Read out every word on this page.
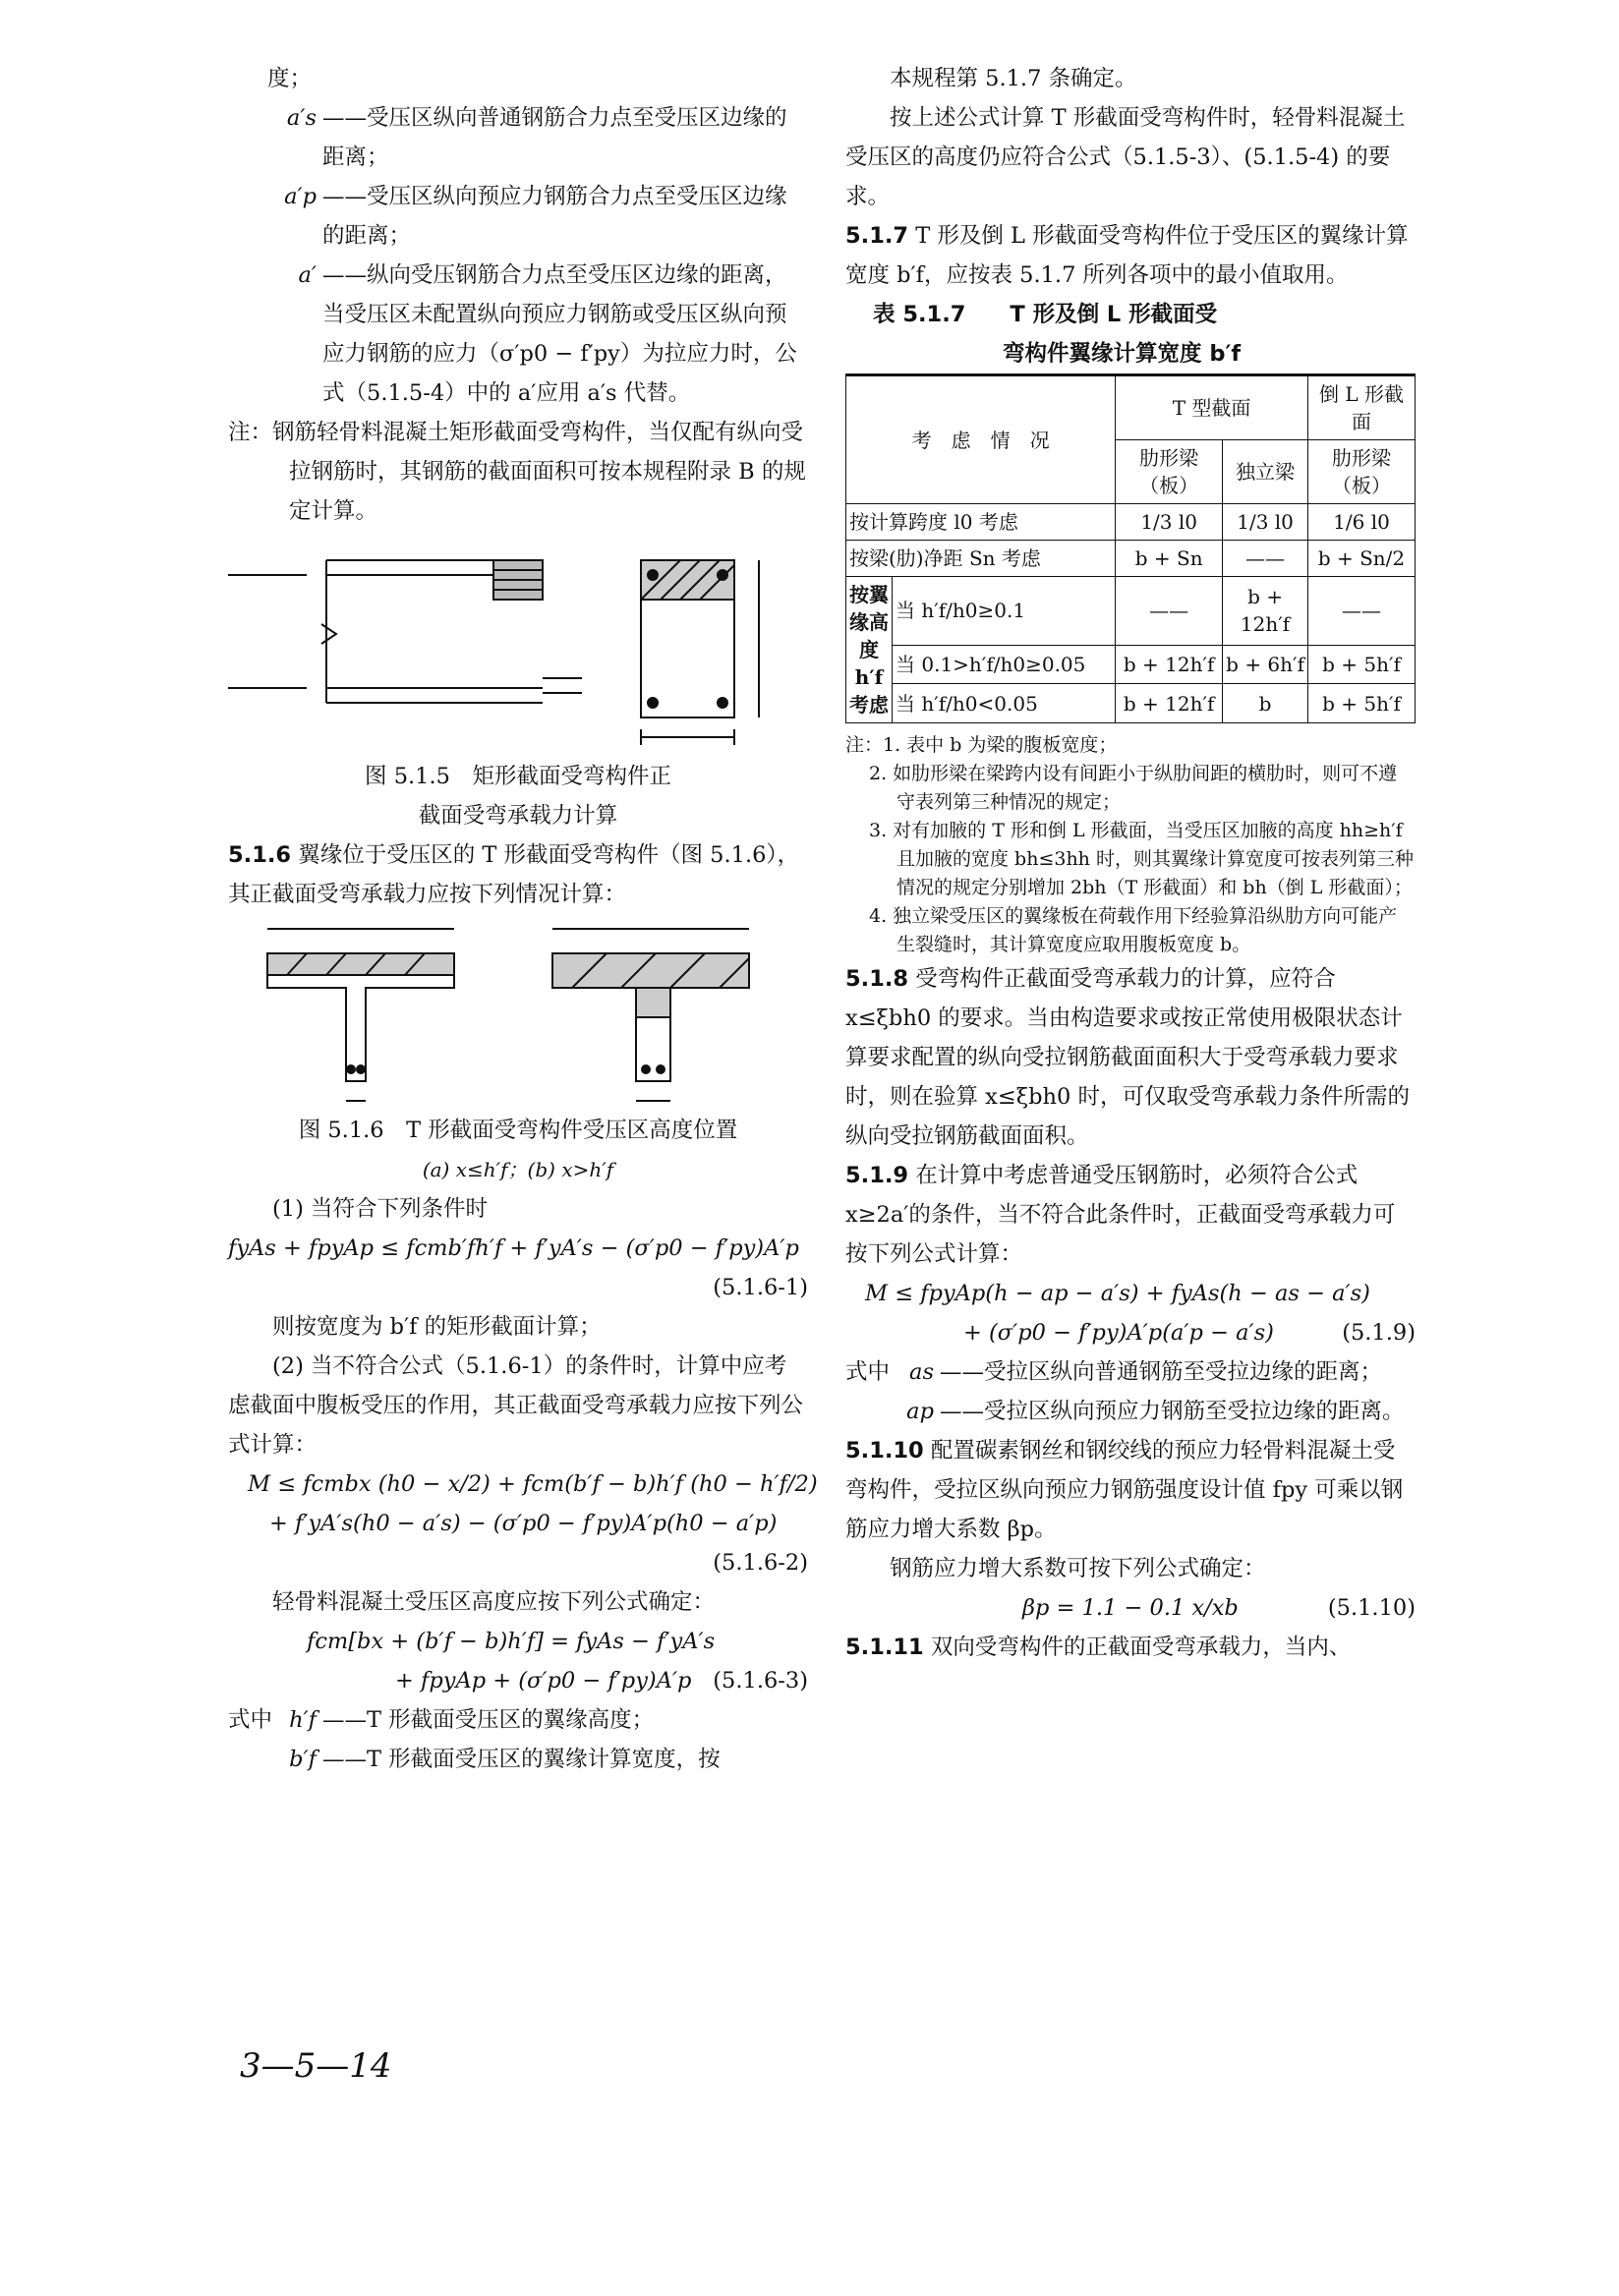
度；

a′s ——受压区纵向普通钢筋合力点至受压区边缘的距离；
a′p ——受压区纵向预应力钢筋合力点至受压区边缘的距离；
a′ ——纵向受压钢筋合力点至受压区边缘的距离，当受压区未配置纵向预应力钢筋或受压区纵向预应力钢筋的应力（σ′p0 − f′py）为拉应力时，公式（5.1.5-4）中的 a′应用 a′s 代替。

注：钢筋轻骨料混凝土矩形截面受弯构件，当仅配有纵向受拉钢筋时，其钢筋的截面面积可按本规程附录 B 的规定计算。

图 5.1.5　矩形截面受弯构件正

截面受弯承载力计算

5.1.6 翼缘位于受压区的 T 形截面受弯构件（图 5.1.6），其正截面受弯承载力应按下列情况计算：

图 5.1.6　T 形截面受弯构件受压区高度位置

(a) x≤h′f；(b) x>h′f

(1) 当符合下列条件时

fyAs + fpyAp ≤ fcmb′fh′f + f′yA′s − (σ′p0 − f′py)A′p

(5.1.6-1)

则按宽度为 b′f 的矩形截面计算；

(2) 当不符合公式（5.1.6-1）的条件时，计算中应考虑截面中腹板受压的作用，其正截面受弯承载力应按下列公式计算：

M ≤ fcmbx (h0 − x/2) + fcm(b′f − b)h′f (h0 − h′f/2)

+ f′yA′s(h0 − a′s) − (σ′p0 − f′py)A′p(h0 − a′p)

(5.1.6-2)

轻骨料混凝土受压区高度应按下列公式确定：

fcm[bx + (b′f − b)h′f] = fyAs − f′yA′s

+ fpyAp + (σ′p0 − f′py)A′p (5.1.6-3)

式中 h′f ——T 形截面受压区的翼缘高度；
b′f ——T 形截面受压区的翼缘计算宽度，按
3—5—14

本规程第 5.1.7 条确定。

按上述公式计算 T 形截面受弯构件时，轻骨料混凝土受压区的高度仍应符合公式（5.1.5-3）、(5.1.5-4) 的要求。

5.1.7 T 形及倒 L 形截面受弯构件位于受压区的翼缘计算宽度 b′f，应按表 5.1.7 所列各项中的最小值取用。

表 5.1.7　　T 形及倒 L 形截面受

弯构件翼缘计算宽度 b′f

考　虑　情　况		T 型截面		倒 L 形截面
		肋形梁（板）	独立梁	肋形梁（板）
按计算跨度 l0 考虑		1/3 l0	1/3 l0	1/6 l0
按梁(肋)净距 Sn 考虑		b + Sn	——	b + Sn/2
按翼缘高度 h′f 考虑	当 h′f/h0≥0.1	——	b + 12h′f	——
	当 0.1>h′f/h0≥0.05	b + 12h′f	b + 6h′f	b + 5h′f
	当 h′f/h0<0.05	b + 12h′f	b	b + 5h′f

注：1. 表中 b 为梁的腹板宽度；

2. 如肋形梁在梁跨内设有间距小于纵肋间距的横肋时，则可不遵守表列第三种情况的规定；

3. 对有加腋的 T 形和倒 L 形截面，当受压区加腋的高度 hh≥h′f 且加腋的宽度 bh≤3hh 时，则其翼缘计算宽度可按表列第三种情况的规定分别增加 2bh（T 形截面）和 bh（倒 L 形截面）；

4. 独立梁受压区的翼缘板在荷载作用下经验算沿纵肋方向可能产生裂缝时，其计算宽度应取用腹板宽度 b。

5.1.8 受弯构件正截面受弯承载力的计算，应符合 x≤ξbh0 的要求。当由构造要求或按正常使用极限状态计算要求配置的纵向受拉钢筋截面面积大于受弯承载力要求时，则在验算 x≤ξbh0 时，可仅取受弯承载力条件所需的纵向受拉钢筋截面面积。

5.1.9 在计算中考虑普通受压钢筋时，必须符合公式 x≥2a′的条件，当不符合此条件时，正截面受弯承载力可按下列公式计算：

M ≤ fpyAp(h − ap − a′s) + fyAs(h − as − a′s)

+ (σ′p0 − f′py)A′p(a′p − a′s)	(5.1.9)

式中 as ——受拉区纵向普通钢筋至受拉边缘的距离；
ap ——受拉区纵向预应力钢筋至受拉边缘的距离。

5.1.10 配置碳素钢丝和钢绞线的预应力轻骨料混凝土受弯构件，受拉区纵向预应力钢筋强度设计值 fpy 可乘以钢筋应力增大系数 βp。

钢筋应力增大系数可按下列公式确定：

βp = 1.1 − 0.1 x/xb	(5.1.10)

5.1.11 双向受弯构件的正截面受弯承载力，当内、
